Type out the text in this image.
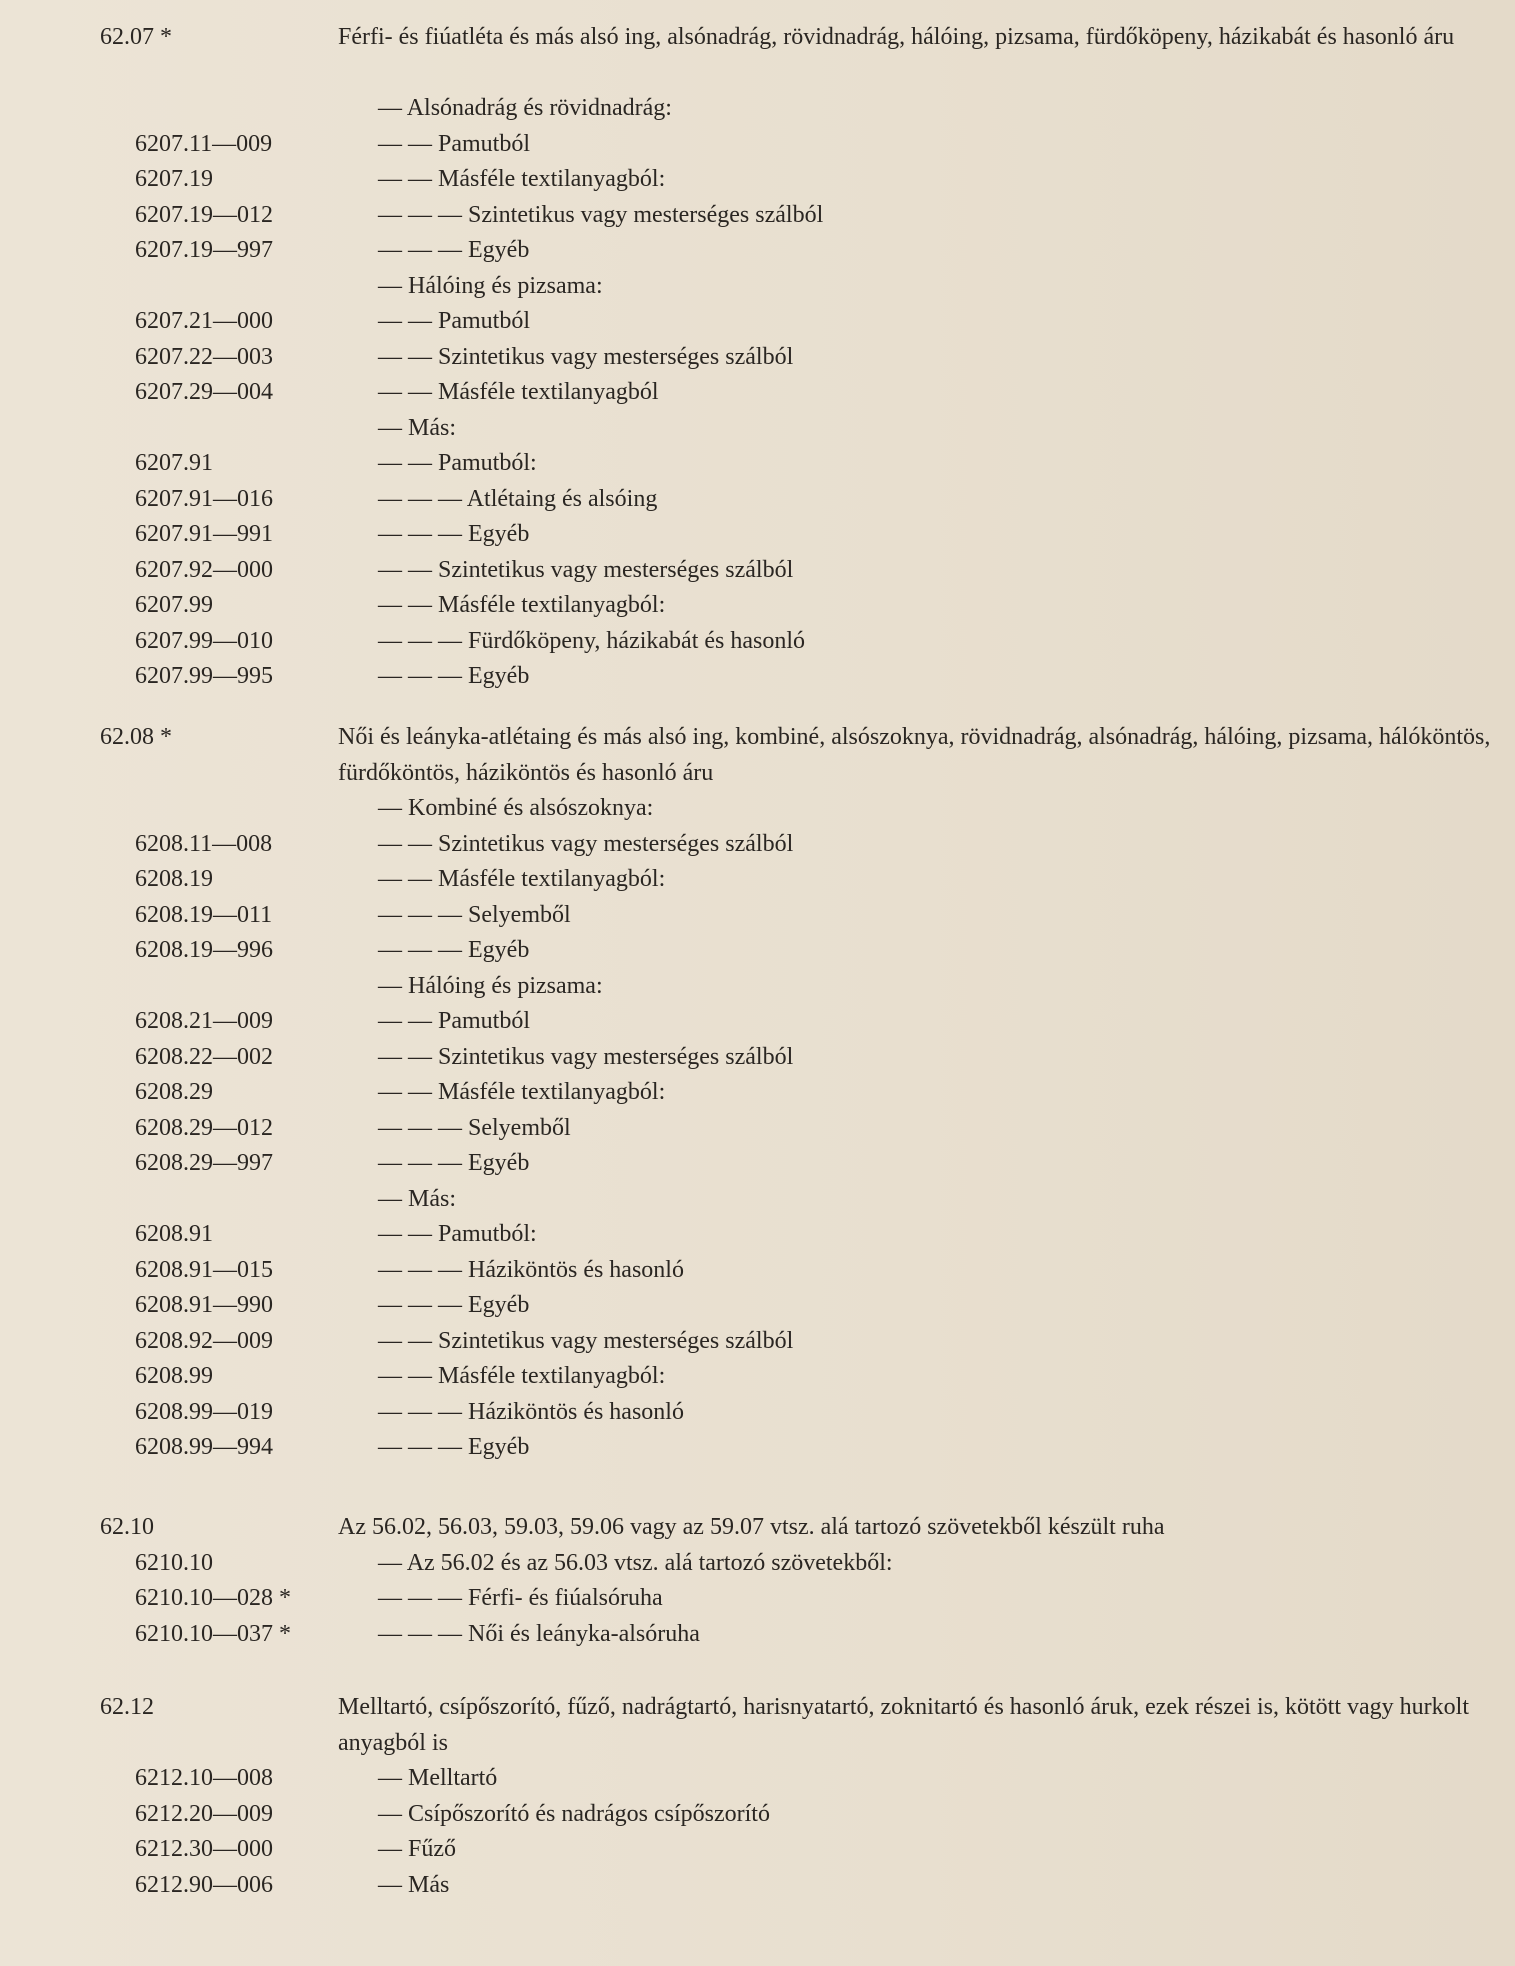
62.07 *	Férfi- és fiúatléta és más alsó ing, alsónadrág, rövidnadrág, hálóing, pizsama, fürdőköpeny, házikabát és hasonló áru
— Alsónadrág és rövidnadrág:
6207.11—009	— — Pamutból
6207.19	— — Másféle textilanyagból:
6207.19—012	— — — Szintetikus vagy mesterséges szálból
6207.19—997	— — — Egyéb
— Hálóing és pizsama:
6207.21—000	— — Pamutból
6207.22—003	— — Szintetikus vagy mesterséges szálból
6207.29—004	— — Másféle textilanyagból
— Más:
6207.91	— — Pamutból:
6207.91—016	— — — Atlétaing és alsóing
6207.91—991	— — — Egyéb
6207.92—000	— — Szintetikus vagy mesterséges szálból
6207.99	— — Másféle textilanyagból:
6207.99—010	— — — Fürdőköpeny, házikabát és hasonló
6207.99—995	— — — Egyéb
62.08 *	Női és leányka-atlétaing és más alsó ing, kombiné, alsószoknya, rövidnadrág, alsónadrág, hálóing, pizsama, hálóköntös, fürdőköntös, háziköntös és hasonló áru
— Kombiné és alsószoknya:
6208.11—008	— — Szintetikus vagy mesterséges szálból
6208.19	— — Másféle textilanyagból:
6208.19—011	— — — Selyemből
6208.19—996	— — — Egyéb
— Hálóing és pizsama:
6208.21—009	— — Pamutból
6208.22—002	— — Szintetikus vagy mesterséges szálból
6208.29	— — Másféle textilanyagból:
6208.29—012	— — — Selyemből
6208.29—997	— — — Egyéb
— Más:
6208.91	— — Pamutból:
6208.91—015	— — — Háziköntös és hasonló
6208.91—990	— — — Egyéb
6208.92—009	— — Szintetikus vagy mesterséges szálból
6208.99	— — Másféle textilanyagból:
6208.99—019	— — — Háziköntös és hasonló
6208.99—994	— — — Egyéb
62.10	Az 56.02, 56.03, 59.03, 59.06 vagy az 59.07 vtsz. alá tartozó szövetekből készült ruha
6210.10	— Az 56.02 és az 56.03 vtsz. alá tartozó szövetekből:
6210.10—028 *	— — — Férfi- és fiúalsóruha
6210.10—037 *	— — — Női és leányka-alsóruha
62.12	Melltartó, csípőszorító, fűző, nadrágtartó, harisnyatartó, zoknitartó és hasonló áruk, ezek részei is, kötött vagy hurkolt anyagból is
6212.10—008	— Melltartó
6212.20—009	— Csípőszorító és nadrágos csípőszorító
6212.30—000	— Fűző
6212.90—006	— Más
